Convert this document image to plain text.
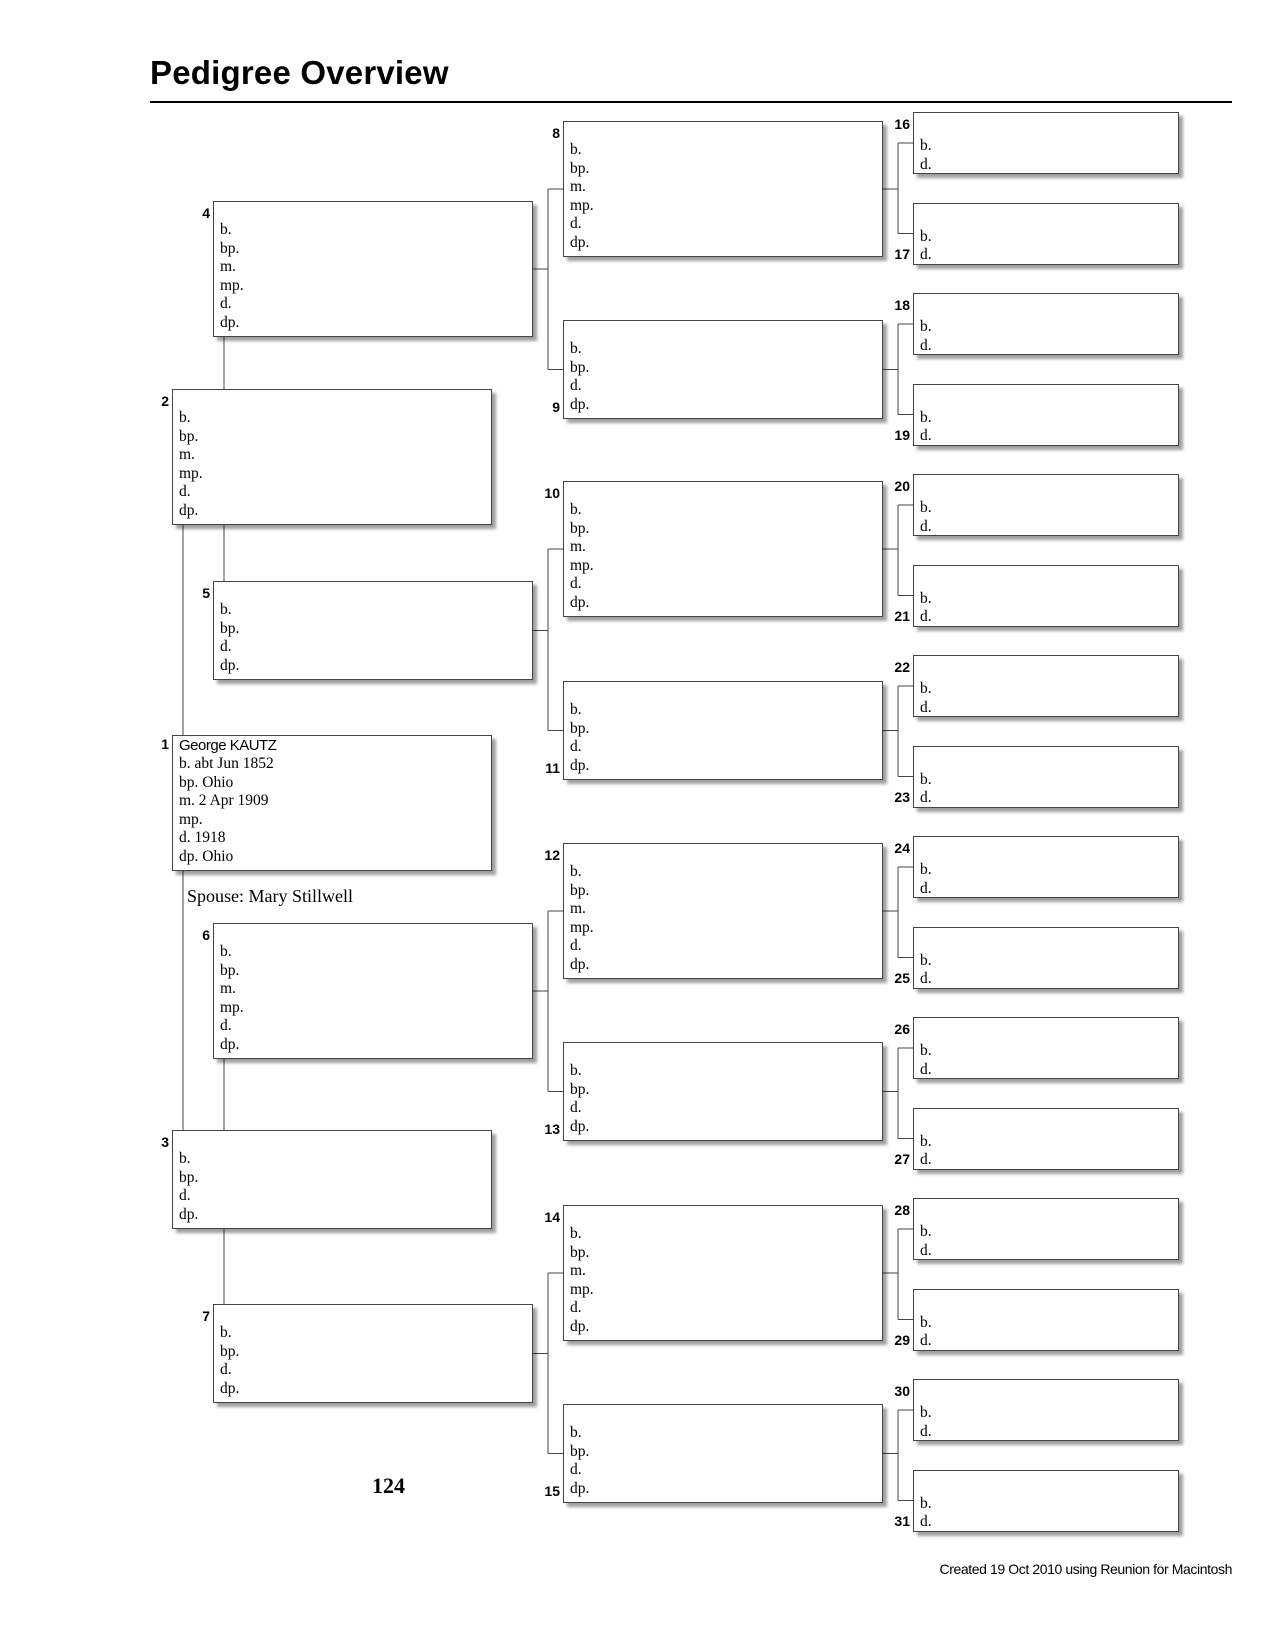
Pedigree Overview
George KAUTZ
b. abt Jun 1852
bp. Ohio
m. 2 Apr 1909
mp.
d. 1918
dp. Ohio
1
b.
bp.
m.
mp.
d.
dp.
2
b.
bp.
d.
dp.
3
b.
bp.
m.
mp.
d.
dp.
4
b.
bp.
d.
dp.
5
b.
bp.
m.
mp.
d.
dp.
6
b.
bp.
d.
dp.
7
b.
bp.
m.
mp.
d.
dp.
8
b.
bp.
d.
dp.
9
b.
bp.
m.
mp.
d.
dp.
10
b.
bp.
d.
dp.
11
b.
bp.
m.
mp.
d.
dp.
12
b.
bp.
d.
dp.
13
b.
bp.
m.
mp.
d.
dp.
14
b.
bp.
d.
dp.
15
b.
d.
16
b.
d.
17
b.
d.
18
b.
d.
19
b.
d.
20
b.
d.
21
b.
d.
22
b.
d.
23
b.
d.
24
b.
d.
25
b.
d.
26
b.
d.
27
b.
d.
28
b.
d.
29
b.
d.
30
b.
d.
31
Spouse: Mary Stillwell
124
Created 19 Oct 2010 using Reunion for Macintosh
